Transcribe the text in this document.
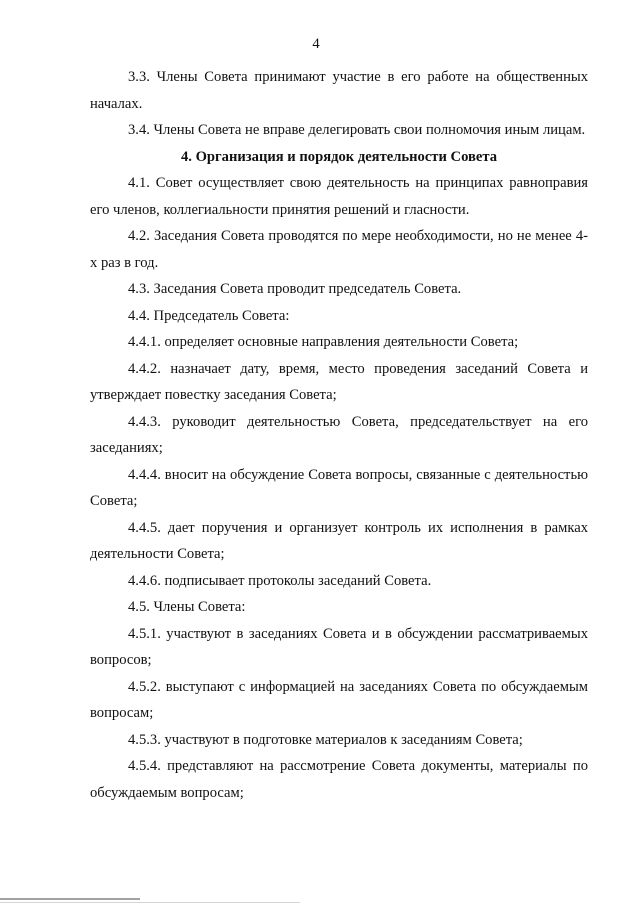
4

3.3. Члены Совета принимают участие в его работе на общественных началах.

3.4. Члены Совета не вправе делегировать свои полномочия иным лицам.

4. Организация и порядок деятельности Совета

4.1. Совет осуществляет свою деятельность на принципах равноправия его членов, коллегиальности принятия решений и гласности.

4.2. Заседания Совета проводятся по мере необходимости, но не менее 4-х раз в год.

4.3. Заседания Совета проводит председатель Совета.

4.4. Председатель Совета:

4.4.1. определяет основные направления деятельности Совета;

4.4.2. назначает дату, время, место проведения заседаний Совета и утверждает повестку заседания Совета;

4.4.3. руководит деятельностью Совета, председательствует на его заседаниях;

4.4.4. вносит на обсуждение Совета вопросы, связанные с деятельностью Совета;

4.4.5. дает поручения и организует контроль их исполнения в рамках деятельности Совета;

4.4.6. подписывает протоколы заседаний Совета.

4.5. Члены Совета:

4.5.1. участвуют в заседаниях Совета и в обсуждении рассматриваемых вопросов;

4.5.2. выступают с информацией на заседаниях Совета по обсуждаемым вопросам;

4.5.3. участвуют в подготовке материалов к заседаниям Совета;

4.5.4. представляют на рассмотрение Совета документы, материалы по обсуждаемым вопросам;
